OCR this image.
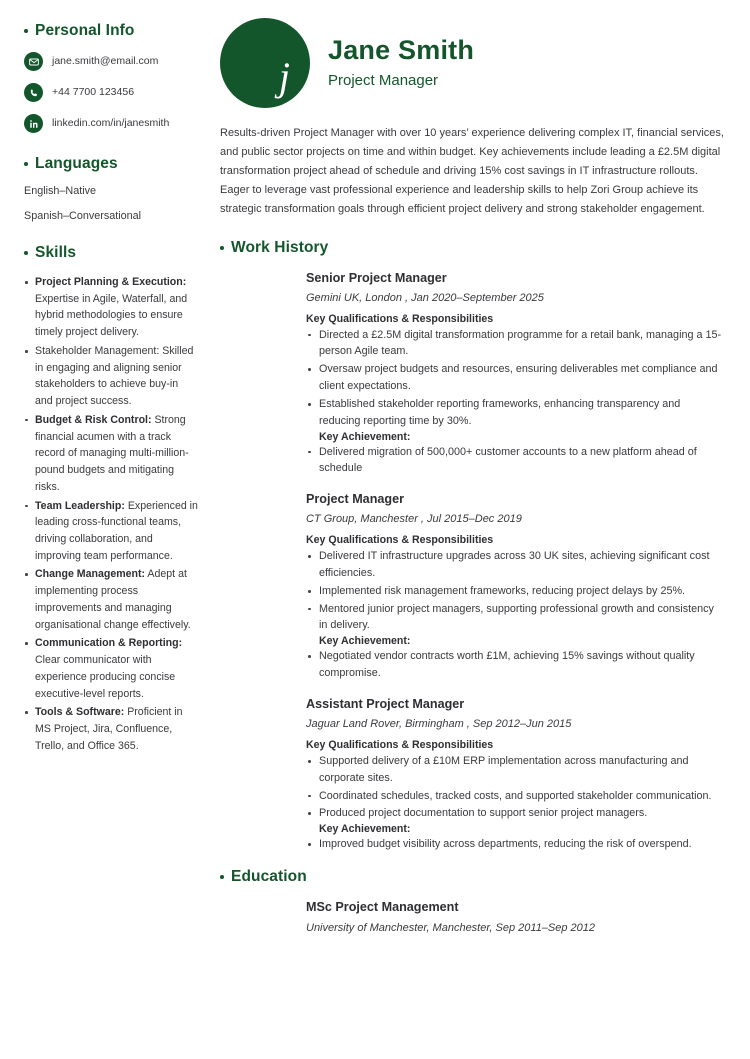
Personal Info
jane.smith@email.com
+44 7700 123456
linkedin.com/in/janesmith
Languages
English–Native
Spanish–Conversational
Skills
Project Planning & Execution: Expertise in Agile, Waterfall, and hybrid methodologies to ensure timely project delivery.
Stakeholder Management: Skilled in engaging and aligning senior stakeholders to achieve buy-in and project success.
Budget & Risk Control: Strong financial acumen with a track record of managing multi-million-pound budgets and mitigating risks.
Team Leadership: Experienced in leading cross-functional teams, driving collaboration, and improving team performance.
Change Management: Adept at implementing process improvements and managing organisational change effectively.
Communication & Reporting: Clear communicator with experience producing concise executive-level reports.
Tools & Software: Proficient in MS Project, Jira, Confluence, Trello, and Office 365.
j
Jane Smith
Project Manager
Results-driven Project Manager with over 10 years’ experience delivering complex IT, financial services, and public sector projects on time and within budget. Key achievements include leading a £2.5M digital transformation project ahead of schedule and driving 15% cost savings in IT infrastructure rollouts. Eager to leverage vast professional experience and leadership skills to help Zori Group achieve its strategic transformation goals through efficient project delivery and strong stakeholder engagement.
Work History
Senior Project Manager
Gemini UK, London , Jan 2020–September 2025
Key Qualifications & Responsibilities
Directed a £2.5M digital transformation programme for a retail bank, managing a 15-person Agile team.
Oversaw project budgets and resources, ensuring deliverables met compliance and client expectations.
Established stakeholder reporting frameworks, enhancing transparency and reducing reporting time by 30%.
Key Achievement:
Delivered migration of 500,000+ customer accounts to a new platform ahead of schedule
Project Manager
CT Group, Manchester , Jul 2015–Dec 2019
Key Qualifications & Responsibilities
Delivered IT infrastructure upgrades across 30 UK sites, achieving significant cost efficiencies.
Implemented risk management frameworks, reducing project delays by 25%.
Mentored junior project managers, supporting professional growth and consistency in delivery.
Key Achievement:
Negotiated vendor contracts worth £1M, achieving 15% savings without quality compromise.
Assistant Project Manager
Jaguar Land Rover, Birmingham , Sep 2012–Jun 2015
Key Qualifications & Responsibilities
Supported delivery of a £10M ERP implementation across manufacturing and corporate sites.
Coordinated schedules, tracked costs, and supported stakeholder communication.
Produced project documentation to support senior project managers.
Key Achievement:
Improved budget visibility across departments, reducing the risk of overspend.
Education
MSc Project Management
University of Manchester, Manchester, Sep 2011–Sep 2012
